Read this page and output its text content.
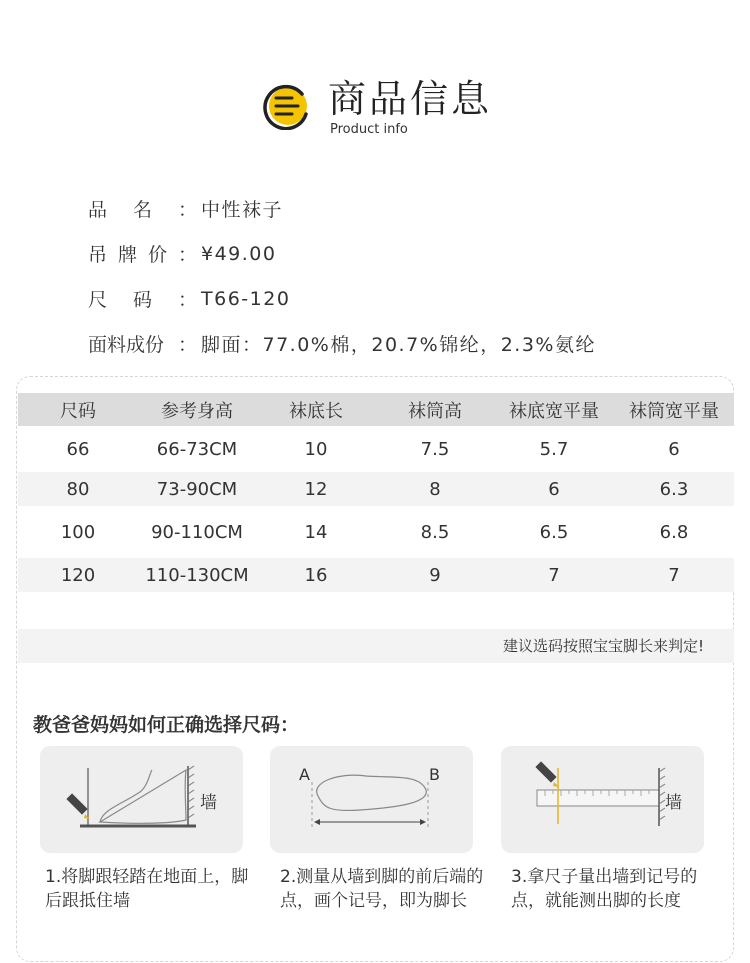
商品信息
Product info
品 名 ： 中性袜子
吊 牌 价 ： ¥49.00
尺 码 ： T66-120
面料成份 ： 脚面：77.0%棉，20.7%锦纶，2.3%氨纶
尺码	参考身高	袜底长	袜筒高	袜底宽平量	袜筒宽平量
66	66-73CM	10	7.5	5.7	6
80	73-90CM	12	8	6	6.3
100	90-110CM	14	8.5	6.5	6.8
120	110-130CM	16	9	7	7
建议选码按照宝宝脚长来判定!
教爸爸妈妈如何正确选择尺码：
墙
1.将脚跟轻踏在地面上，脚后跟抵住墙
A	B
2.测量从墙到脚的前后端的点，画个记号，即为脚长
墙
3.拿尺子量出墙到记号的点，就能测出脚的长度
